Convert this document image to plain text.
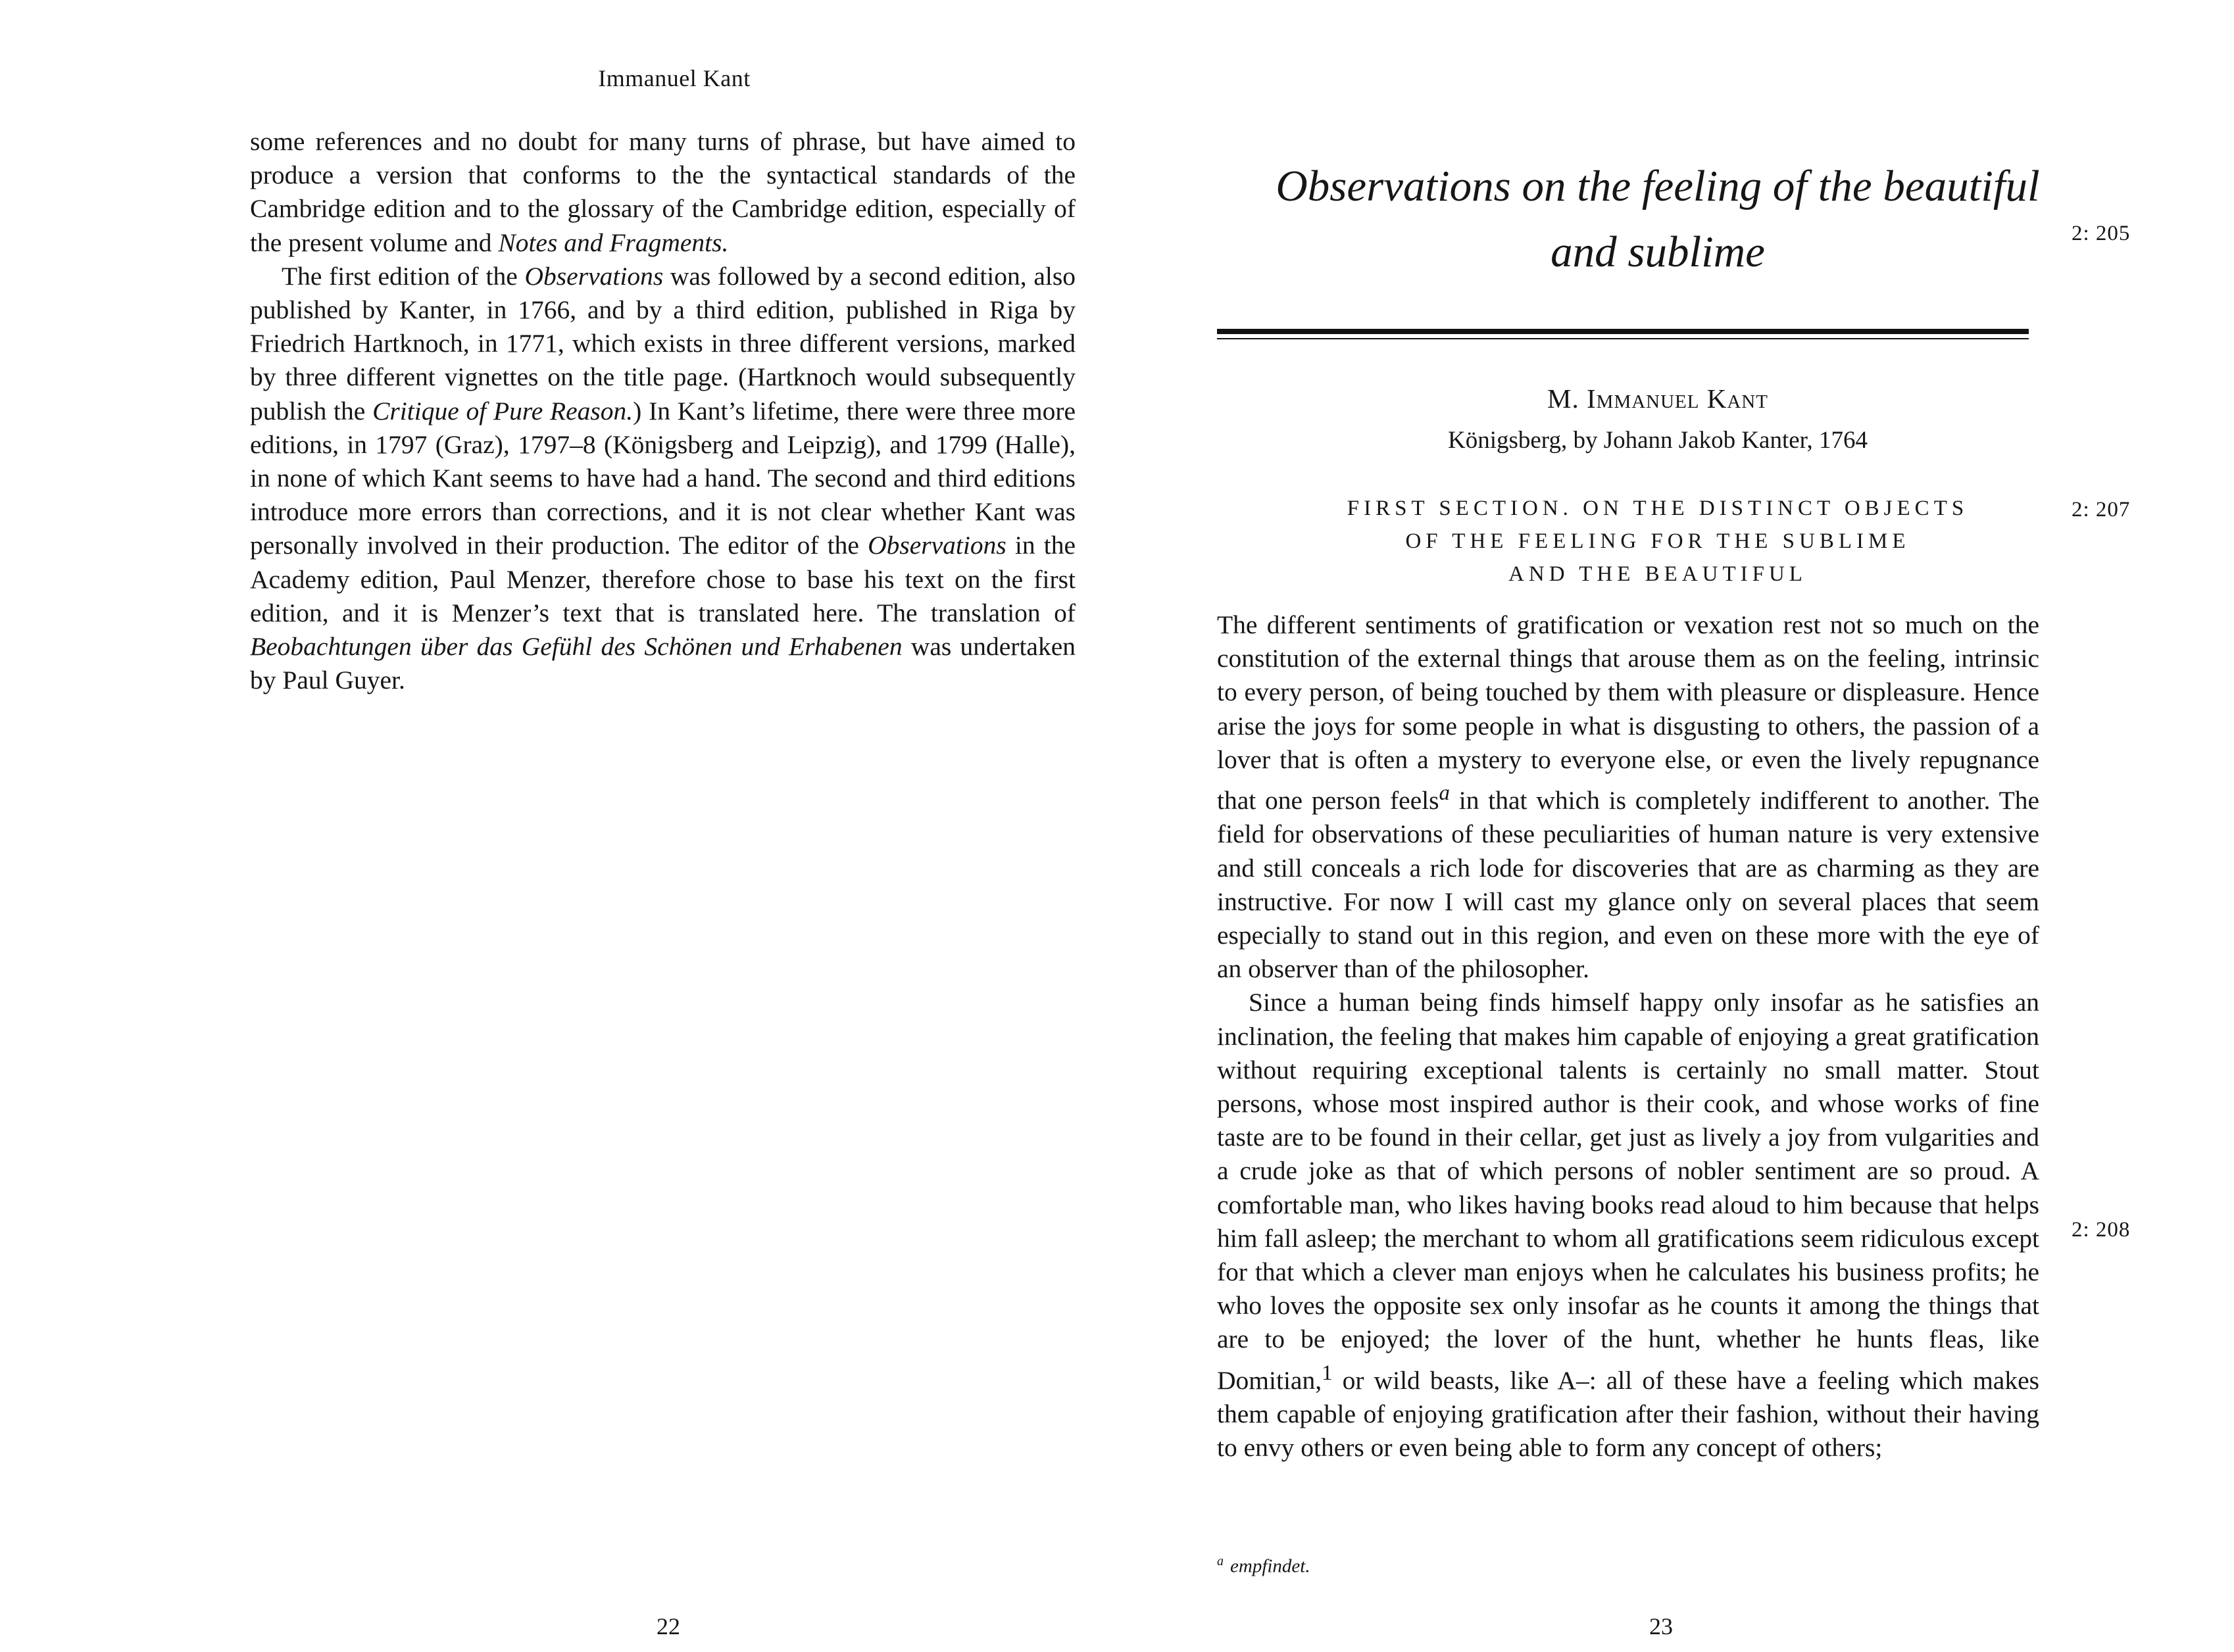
Immanuel Kant

some references and no doubt for many turns of phrase, but have aimed to produce a version that conforms to the the syntactical standards of the Cambridge edition and to the glossary of the Cambridge edition, especially of the present volume and Notes and Fragments.

The first edition of the Observations was followed by a second edition, also published by Kanter, in 1766, and by a third edition, published in Riga by Friedrich Hartknoch, in 1771, which exists in three different versions, marked by three different vignettes on the title page. (Hartknoch would subsequently publish the Critique of Pure Reason.) In Kant’s lifetime, there were three more editions, in 1797 (Graz), 1797–8 (Königsberg and Leipzig), and 1799 (Halle), in none of which Kant seems to have had a hand. The second and third editions introduce more errors than corrections, and it is not clear whether Kant was personally involved in their production. The editor of the Observations in the Academy edition, Paul Menzer, therefore chose to base his text on the first edition, and it is Menzer’s text that is translated here. The translation of Beobachtungen über das Gefühl des Schönen und Erhabenen was undertaken by Paul Guyer.

22
Observations on the feeling of the beautiful
and sublime	2: 205
M. Immanuel Kant
Königsberg, by Johann Jakob Kanter, 1764
FIRST SECTION. ON THE DISTINCT OBJECTS
OF THE FEELING FOR THE SUBLIME
AND THE BEAUTIFUL
2: 207

The different sentiments of gratification or vexation rest not so much on the constitution of the external things that arouse them as on the feeling, intrinsic to every person, of being touched by them with pleasure or displeasure. Hence arise the joys for some people in what is disgusting to others, the passion of a lover that is often a mystery to everyone else, or even the lively repugnance that one person feels$^a$ in that which is completely indifferent to another. The field for observations of these peculiarities of human nature is very extensive and still conceals a rich lode for discoveries that are as charming as they are instructive. For now I will cast my glance only on several places that seem especially to stand out in this region, and even on these more with the eye of an observer than of the philosopher.

Since a human being finds himself happy only insofar as he satisfies an inclination, the feeling that makes him capable of enjoying a great gratification without requiring exceptional talents is certainly no small matter. Stout persons, whose most inspired author is their cook, and whose works of fine taste are to be found in their cellar, get just as lively a joy from vulgarities and a crude joke as that of which persons of nobler sentiment are so proud. A comfortable man, who likes having books read aloud to him because that helps him fall asleep; the merchant to whom all gratifications seem ridiculous except for that which a clever man enjoys when he calculates his business profits; he who loves the opposite sex only insofar as he counts it among the things that are to be enjoyed; the lover of the hunt, whether he hunts fleas, like Domitian,$^1$ or wild beasts, like A–: all of these have a feeling which makes them capable of enjoying gratification after their fashion, without their having to envy others or even being able to form any concept of others;

2: 208
$^a$ empfindet.
23
